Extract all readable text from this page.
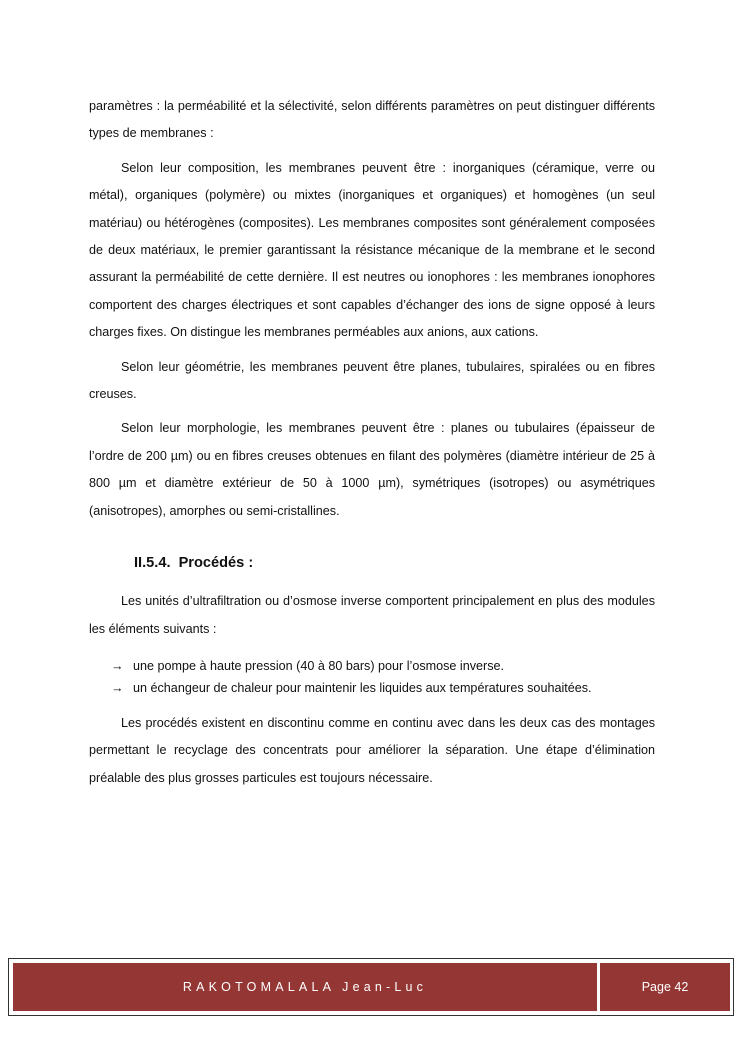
paramètres : la perméabilité et la sélectivité, selon différents paramètres on peut distinguer différents types de membranes :

Selon leur composition, les membranes peuvent être : inorganiques (céramique, verre ou métal), organiques (polymère) ou mixtes (inorganiques et organiques) et homogènes (un seul matériau) ou hétérogènes (composites). Les membranes composites sont généralement composées de deux matériaux, le premier garantissant la résistance mécanique de la membrane et le second assurant la perméabilité de cette dernière. Il est neutres ou ionophores : les membranes ionophores comportent des charges électriques et sont capables d’échanger des ions de signe opposé à leurs charges fixes. On distingue les membranes perméables aux anions, aux cations.

Selon leur géométrie, les membranes peuvent être planes, tubulaires, spiralées ou en fibres creuses.

Selon leur morphologie, les membranes peuvent être : planes ou tubulaires (épaisseur de l’ordre de 200 µm) ou en fibres creuses obtenues en filant des polymères (diamètre intérieur de 25 à 800 µm et diamètre extérieur de 50 à 1000 µm), symétriques (isotropes) ou asymétriques (anisotropes), amorphes ou semi-cristallines.

II.5.4. Procédés :

Les unités d’ultrafiltration ou d’osmose inverse comportent principalement en plus des modules les éléments suivants :

→ une pompe à haute pression (40 à 80 bars) pour l’osmose inverse.
→ un échangeur de chaleur pour maintenir les liquides aux températures souhaitées.

Les procédés existent en discontinu comme en continu avec dans les deux cas des montages permettant le recyclage des concentrats pour améliorer la séparation. Une étape d’élimination préalable des plus grosses particules est toujours nécessaire.

RAKOTOMALALA Jean-Luc	Page 42
